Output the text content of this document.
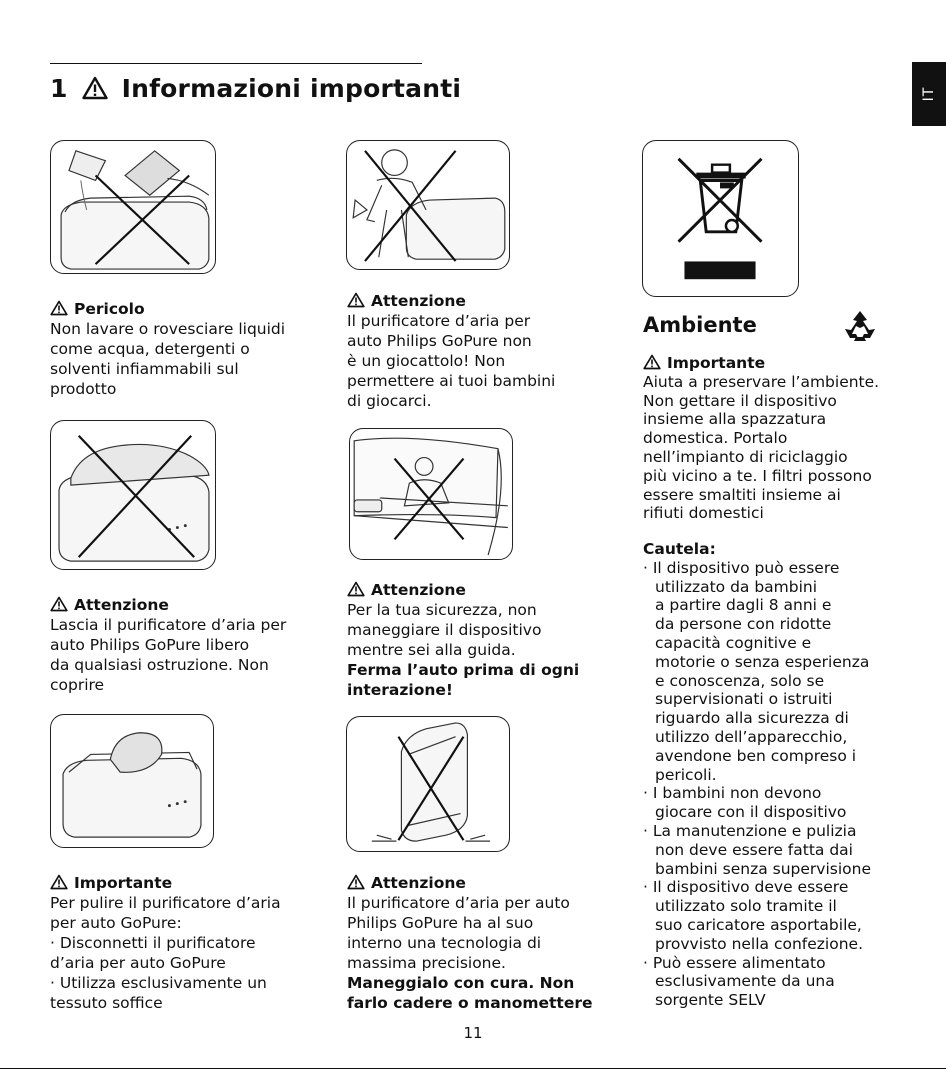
1 Informazioni importanti	IT
Pericolo
Non lavare o rovesciare liquidi
come acqua, detergenti o
solventi infiammabili sul
prodotto
Attenzione
Lascia il purificatore d’aria per
auto Philips GoPure libero
da qualsiasi ostruzione. Non
coprire
Importante
Per pulire il purificatore d’aria
per auto GoPure:
· Disconnetti il purificatore
d’aria per auto GoPure
· Utilizza esclusivamente un
tessuto soffice
Attenzione
Il purificatore d’aria per
auto Philips GoPure non
è un giocattolo! Non
permettere ai tuoi bambini
di giocarci.
Attenzione
Per la tua sicurezza, non
maneggiare il dispositivo
mentre sei alla guida.
Ferma l’auto prima di ogni
interazione!
Attenzione
Il purificatore d’aria per auto
Philips GoPure ha al suo
interno una tecnologia di
massima precisione.
Maneggialo con cura. Non
farlo cadere o manomettere
Ambiente
Importante
Aiuta a preservare l’ambiente.
Non gettare il dispositivo
insieme alla spazzatura
domestica. Portalo
nell’impianto di riciclaggio
più vicino a te. I filtri possono
essere smaltiti insieme ai
rifiuti domestici
Cautela:
· Il dispositivo può essere
utilizzato da bambini
a partire dagli 8 anni e
da persone con ridotte
capacità cognitive e
motorie o senza esperienza
e conoscenza, solo se
supervisionati o istruiti
riguardo alla sicurezza di
utilizzo dell’apparecchio,
avendone ben compreso i
pericoli.
· I bambini non devono
giocare con il dispositivo
· La manutenzione e pulizia
non deve essere fatta dai
bambini senza supervisione
· Il dispositivo deve essere
utilizzato solo tramite il
suo caricatore asportabile,
provvisto nella confezione.
· Può essere alimentato
esclusivamente da una
sorgente SELV
11
